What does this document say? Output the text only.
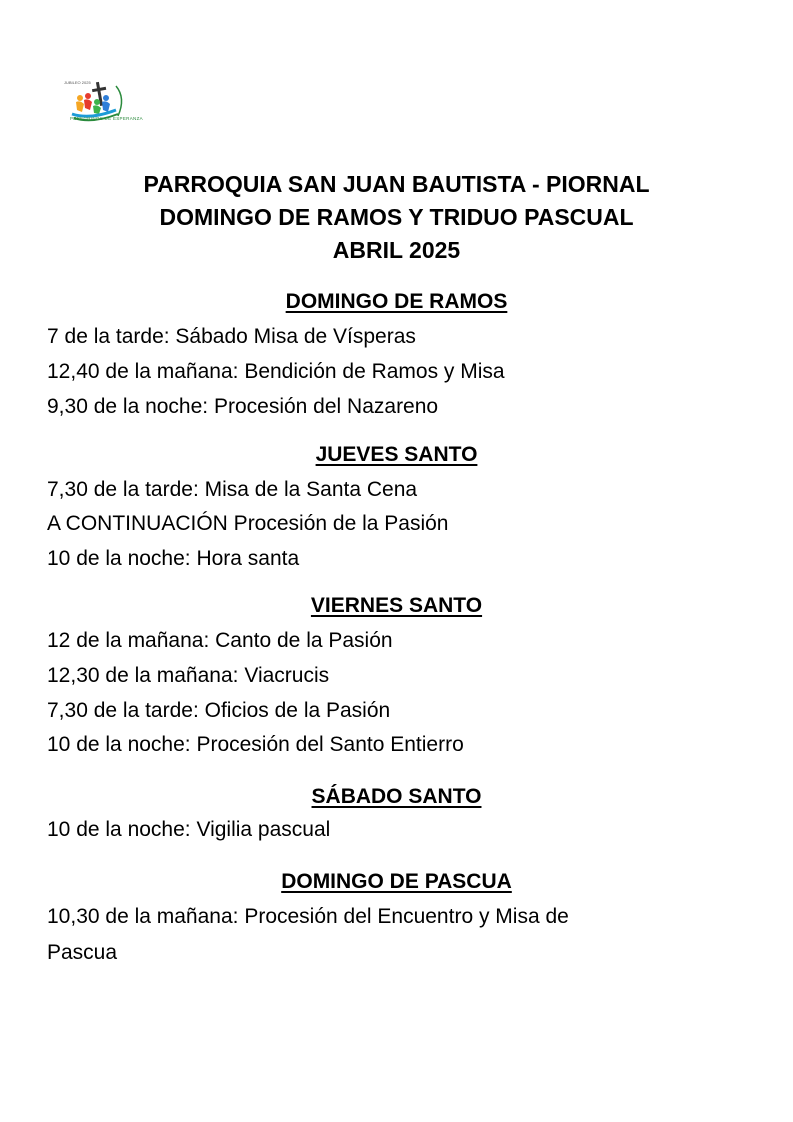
JUBILEO 2025
PEREGRINOS DE ESPERANZA
PARROQUIA SAN JUAN BAUTISTA - PIORNAL
DOMINGO DE RAMOS Y TRIDUO PASCUAL
ABRIL 2025
DOMINGO DE RAMOS
7 de la tarde: Sábado Misa de Vísperas
12,40 de la mañana: Bendición de Ramos y Misa
9,30 de la noche: Procesión del Nazareno
JUEVES SANTO
7,30 de la tarde: Misa de la Santa Cena
A CONTINUACIÓN Procesión de la Pasión
10 de la noche: Hora santa
VIERNES SANTO
12 de la mañana: Canto de la Pasión
12,30 de la mañana: Viacrucis
7,30 de la tarde: Oficios de la Pasión
10 de la noche: Procesión del Santo Entierro
SÁBADO SANTO
10 de la noche: Vigilia pascual
DOMINGO DE PASCUA
10,30 de la mañana: Procesión del Encuentro y Misa de
Pascua
